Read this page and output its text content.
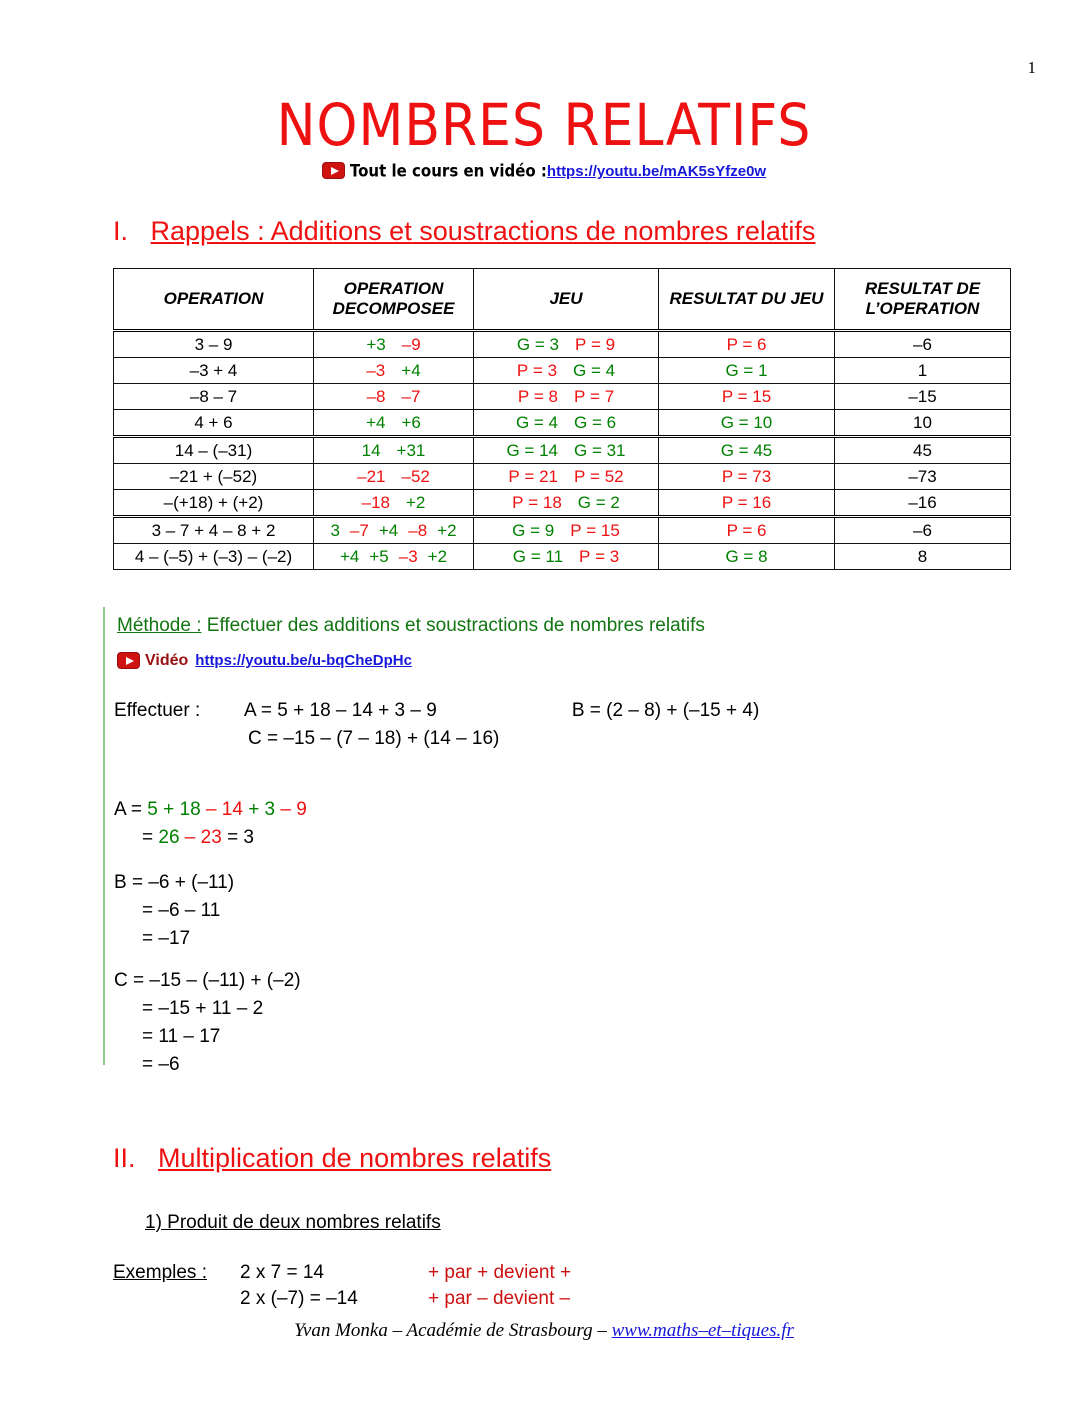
1
NOMBRES RELATIFS
Tout le cours en vidéo :https://youtu.be/mAK5sYfze0w
I. Rappels : Additions et soustractions de nombres relatifs
OPERATION	OPERATION DECOMPOSEE	JEU	RESULTAT DU JEU	RESULTAT DE L’OPERATION
3 – 9	+3 –9	G = 3 P = 9	P = 6	–6
–3 + 4	–3 +4	P = 3 G = 4	G = 1	1
–8 – 7	–8 –7	P = 8 P = 7	P = 15	–15
4 + 6	+4 +6	G = 4 G = 6	G = 10	10
14 – (–31)	14 +31	G = 14 G = 31	G = 45	45
–21 + (–52)	–21 –52	P = 21 P = 52	P = 73	–73
–(+18) + (+2)	–18 +2	P = 18 G = 2	P = 16	–16
3 – 7 + 4 – 8 + 2	3 –7 +4 –8 +2	G = 9 P = 15	P = 6	–6
4 – (–5) + (–3) – (–2)	+4 +5 –3 +2	G = 11 P = 3	G = 8	8
Méthode : Effectuer des additions et soustractions de nombres relatifs
Vidéo https://youtu.be/u-bqCheDpHc
Effectuer : A = 5 + 18 – 14 + 3 – 9	B = (2 – 8) + (–15 + 4)
C = –15 – (7 – 18) + (14 – 16)
A = 5 + 18 – 14 + 3 – 9
= 26 – 23 = 3
B = –6 + (–11)
= –6 – 11
= –17
C = –15 – (–11) + (–2)
= –15 + 11 – 2
= 11 – 17
= –6
II. Multiplication de nombres relatifs
1) Produit de deux nombres relatifs
Exemples : 2 x 7 = 14
2 x (–7) = –14
+ par + devient +
+ par – devient –
Yvan Monka – Académie de Strasbourg – www.maths–et–tiques.fr
